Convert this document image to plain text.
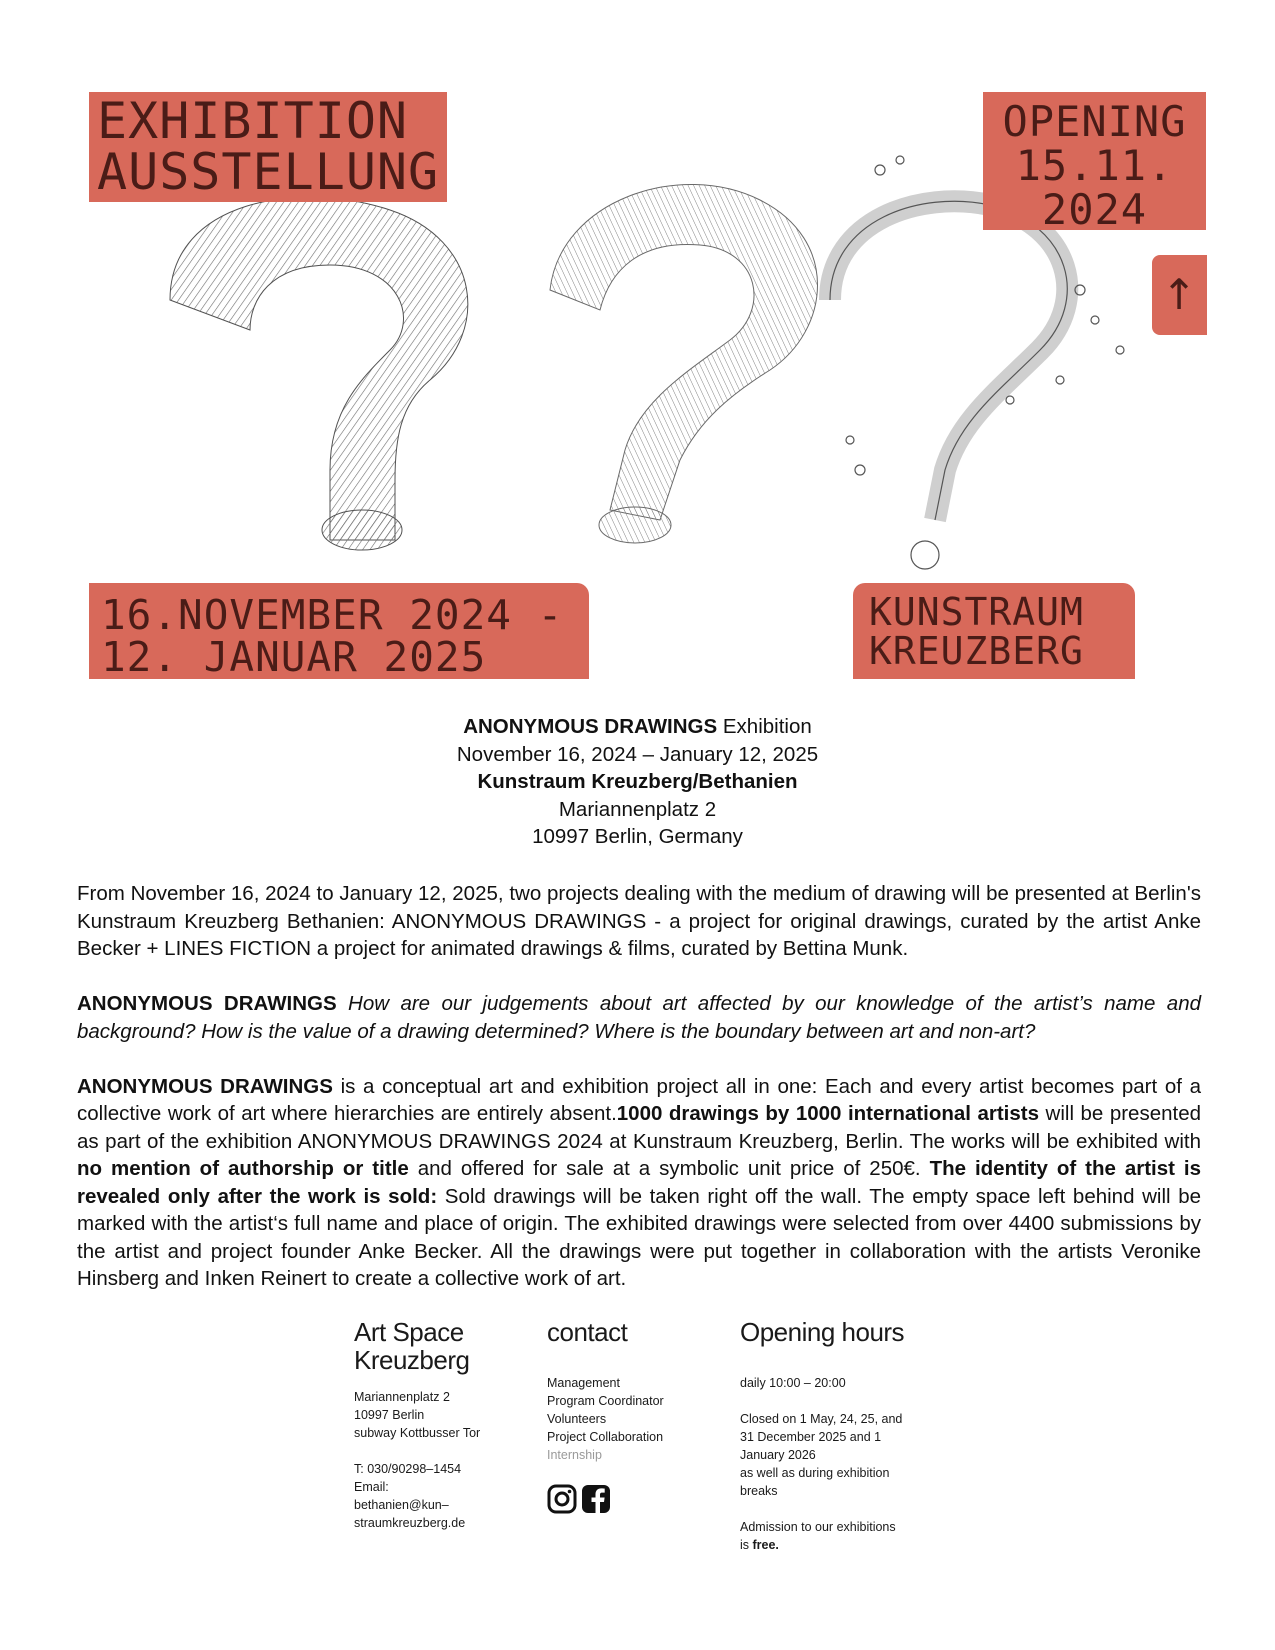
EXHIBITION
AUSSTELLUNG
OPENING
15.11.
2024
↑
16.NOVEMBER 2024 -
12. JANUAR 2025
KUNSTRAUM
KREUZBERG
ANONYMOUS DRAWINGS Exhibition
November 16, 2024 – January 12, 2025
Kunstraum Kreuzberg/Bethanien
Mariannenplatz 2
10997 Berlin, Germany

From November 16, 2024 to January 12, 2025, two projects dealing with the medium of drawing will be presented at Berlin's Kunstraum Kreuzberg Bethanien: ANONYMOUS DRAWINGS - a project for original drawings, curated by the artist Anke Becker + LINES FICTION a project for animated drawings & films, curated by Bettina Munk.

ANONYMOUS DRAWINGS How are our judgements about art affected by our knowledge of the artist’s name and background? How is the value of a drawing determined? Where is the boundary between art and non-art?

ANONYMOUS DRAWINGS is a conceptual art and exhibition project all in one: Each and every artist becomes part of a collective work of art where hierarchies are entirely absent.1000 drawings by 1000 international artists will be presented as part of the exhibition ANONYMOUS DRAWINGS 2024 at Kunstraum Kreuzberg, Berlin. The works will be exhibited with no mention of authorship or title and offered for sale at a symbolic unit price of 250€. The identity of the artist is revealed only after the work is sold: Sold drawings will be taken right off the wall. The empty space left behind will be marked with the artist‘s full name and place of origin. The exhibited drawings were selected from over 4400 submissions by the artist and project founder Anke Becker. All the drawings were put together in collaboration with the artists Veronike Hinsberg and Inken Reinert to create a collective work of art.

Art Space
Kreuzberg
Mariannenplatz 2
10997 Berlin
subway Kottbusser Tor
T: 030/90298–1454
Email:
bethanien@kun–
straumkreuzberg.de
contact
Management
Program Coordinator
Volunteers
Project Collaboration
Internship
Opening hours
daily 10:00 – 20:00
Closed on 1 May, 24, 25, and
31 December 2025 and 1
January 2026
as well as during exhibition
breaks
Admission to our exhibitions
is free.
